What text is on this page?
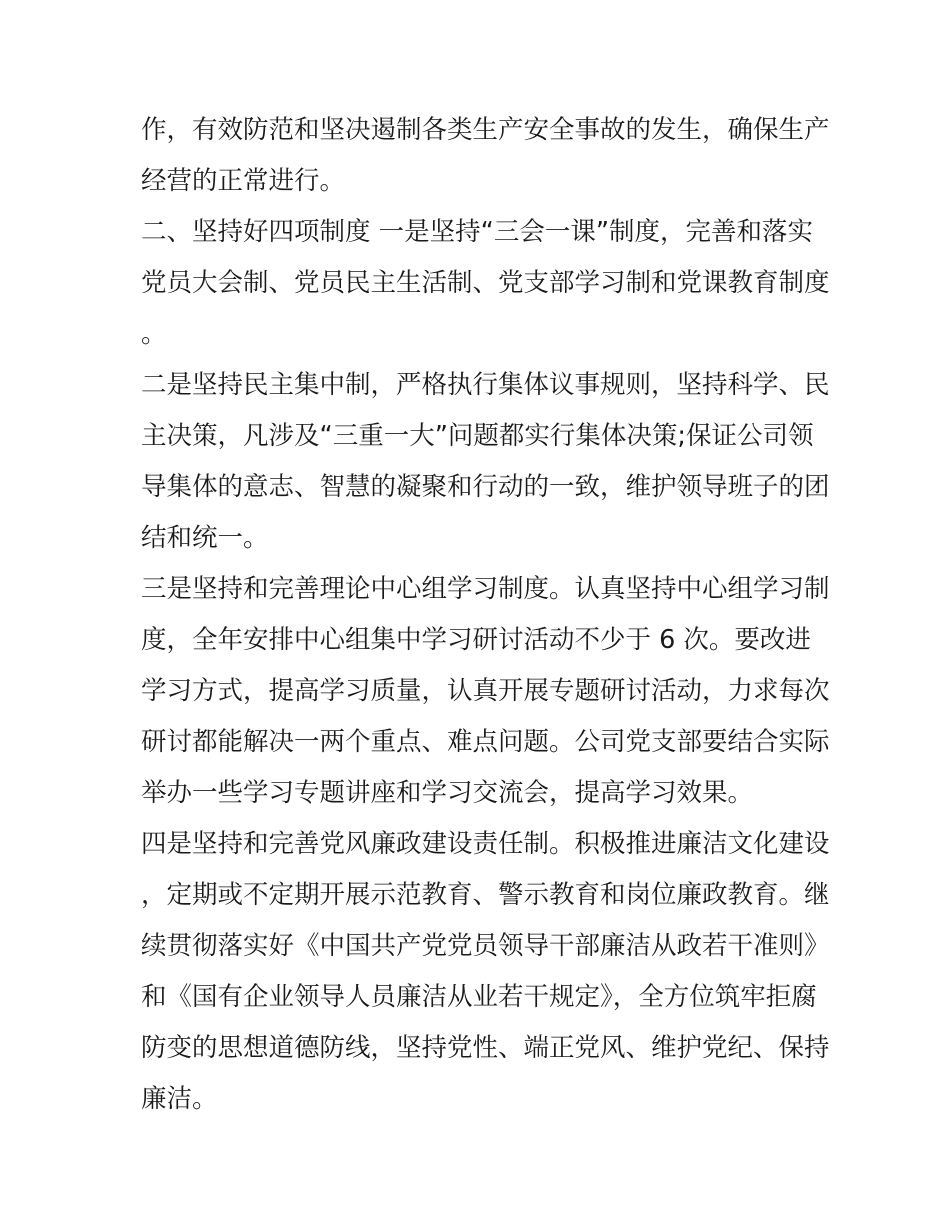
作，有效防范和坚决遏制各类生产安全事故的发生，确保生产经营的正常进行。

二、坚持好四项制度 一是坚持“三会一课”制度，完善和落实党员大会制、党员民主生活制、党支部学习制和党课教育制度。

二是坚持民主集中制，严格执行集体议事规则，坚持科学、民主决策，凡涉及“三重一大”问题都实行集体决策;保证公司领导集体的意志、智慧的凝聚和行动的一致，维护领导班子的团结和统一。

三是坚持和完善理论中心组学习制度。认真坚持中心组学习制度，全年安排中心组集中学习研讨活动不少于 6 次。要改进学习方式，提高学习质量，认真开展专题研讨活动，力求每次研讨都能解决一两个重点、难点问题。公司党支部要结合实际举办一些学习专题讲座和学习交流会，提高学习效果。

四是坚持和完善党风廉政建设责任制。积极推进廉洁文化建设，定期或不定期开展示范教育、警示教育和岗位廉政教育。继续贯彻落实好《中国共产党党员领导干部廉洁从政若干准则》和《国有企业领导人员廉洁从业若干规定》，全方位筑牢拒腐防变的思想道德防线，坚持党性、端正党风、维护党纪、保持廉洁。
